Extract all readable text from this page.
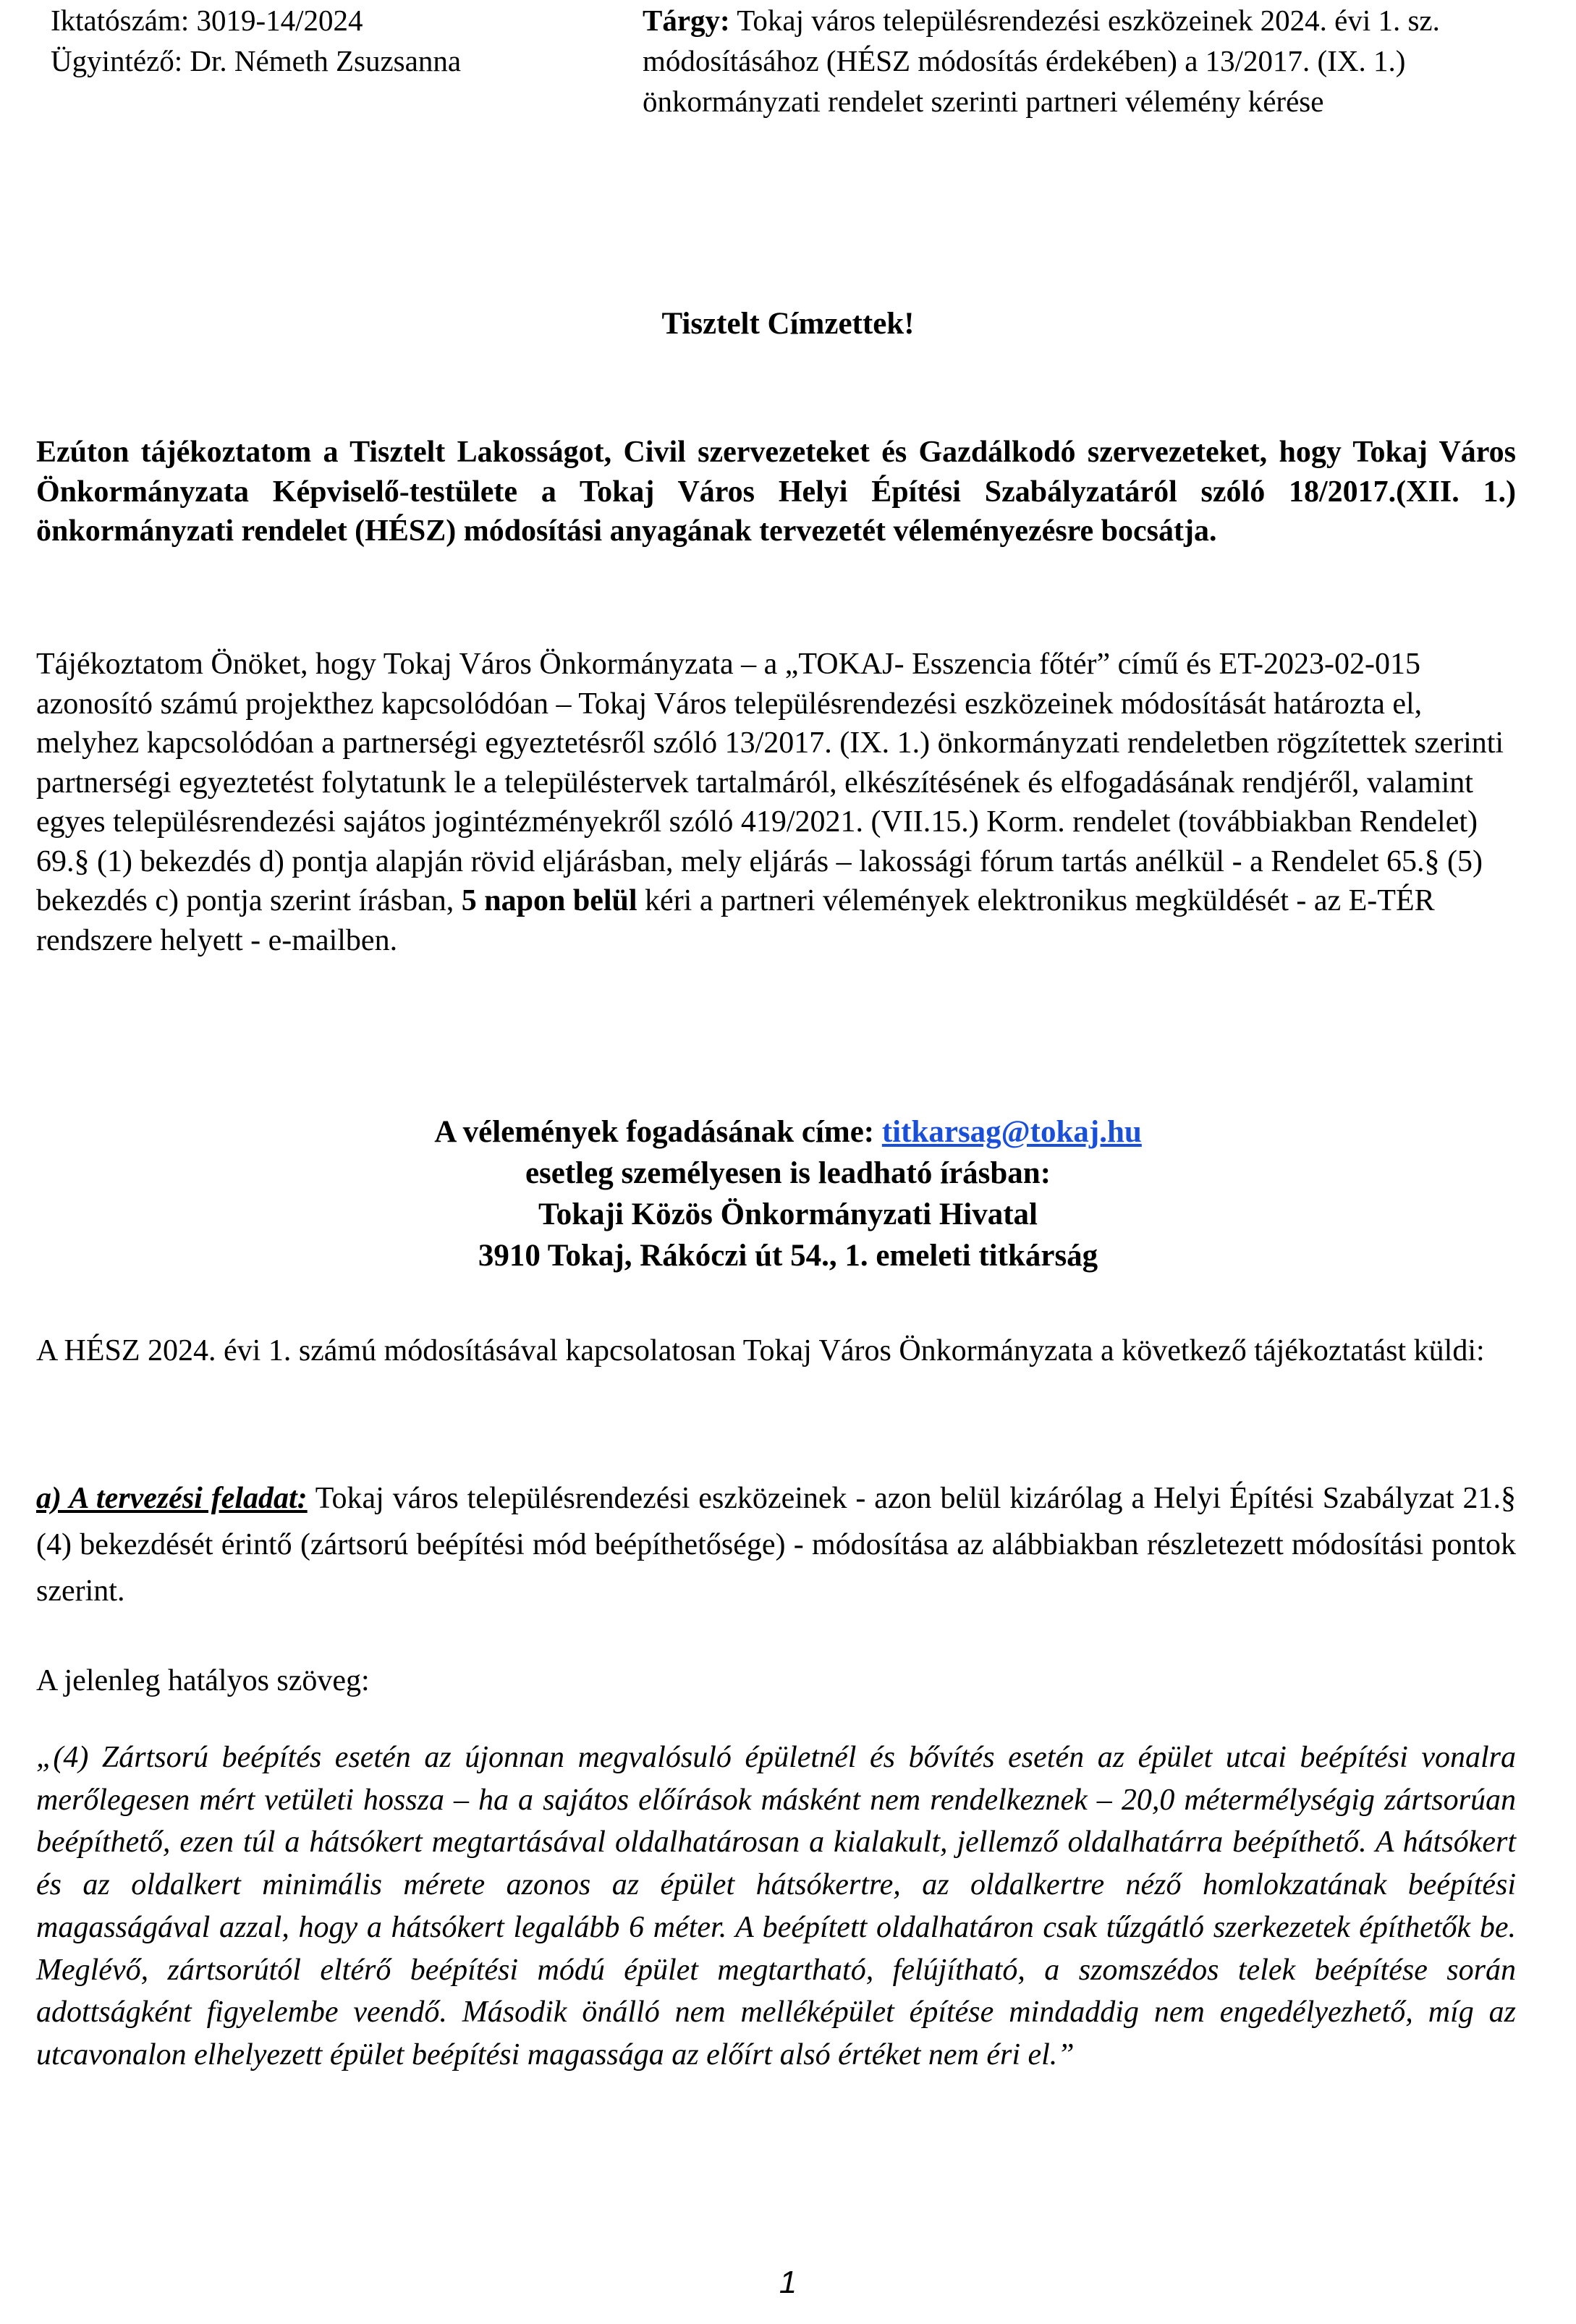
Iktatószám: 3019-14/2024
Ügyintéző: Dr. Németh Zsuzsanna
Tárgy: Tokaj város településrendezési eszközeinek 2024. évi 1. sz. módosításához (HÉSZ módosítás érdekében) a 13/2017. (IX. 1.) önkormányzati rendelet szerinti partneri vélemény kérése
Tisztelt Címzettek!
Ezúton tájékoztatom a Tisztelt Lakosságot, Civil szervezeteket és Gazdálkodó szervezeteket, hogy Tokaj Város Önkormányzata Képviselő-testülete a Tokaj Város Helyi Építési Szabályzatáról szóló 18/2017.(XII. 1.) önkormányzati rendelet (HÉSZ) módosítási anyagának tervezetét véleményezésre bocsátja.
Tájékoztatom Önöket, hogy Tokaj Város Önkormányzata – a „TOKAJ- Esszencia főtér” című és ET-2023-02-015 azonosító számú projekthez kapcsolódóan – Tokaj Város településrendezési eszközeinek módosítását határozta el, melyhez kapcsolódóan a partnerségi egyeztetésről szóló 13/2017. (IX. 1.) önkormányzati rendeletben rögzítettek szerinti partnerségi egyeztetést folytatunk le a településtervek tartalmáról, elkészítésének és elfogadásának rendjéről, valamint egyes településrendezési sajátos jogintézményekről szóló 419/2021. (VII.15.) Korm. rendelet (továbbiakban Rendelet) 69.§ (1) bekezdés d) pontja alapján rövid eljárásban, mely eljárás – lakossági fórum tartás anélkül - a Rendelet 65.§ (5) bekezdés c) pontja szerint írásban, 5 napon belül kéri a partneri vélemények elektronikus megküldését - az E-TÉR rendszere helyett - e-mailben.
A vélemények fogadásának címe: titkarsag@tokaj.hu
esetleg személyesen is leadható írásban:
Tokaji Közös Önkormányzati Hivatal
3910 Tokaj, Rákóczi út 54., 1. emeleti titkárság
A HÉSZ 2024. évi 1. számú módosításával kapcsolatosan Tokaj Város Önkormányzata a következő tájékoztatást küldi:
a) A tervezési feladat: Tokaj város településrendezési eszközeinek - azon belül kizárólag a Helyi Építési Szabályzat 21.§ (4) bekezdését érintő (zártsorú beépítési mód beépíthetősége) - módosítása az alábbiakban részletezett módosítási pontok szerint.
A jelenleg hatályos szöveg:
„(4) Zártsorú beépítés esetén az újonnan megvalósuló épületnél és bővítés esetén az épület utcai beépítési vonalra merőlegesen mért vetületi hossza – ha a sajátos előírások másként nem rendelkeznek – 20,0 métermélységig zártsorúan beépíthető, ezen túl a hátsókert megtartásával oldalhatárosan a kialakult, jellemző oldalhatárra beépíthető. A hátsókert és az oldalkert minimális mérete azonos az épület hátsókertre, az oldalkertre néző homlokzatának beépítési magasságával azzal, hogy a hátsókert legalább 6 méter. A beépített oldalhatáron csak tűzgátló szerkezetek építhetők be. Meglévő, zártsorútól eltérő beépítési módú épület megtartható, felújítható, a szomszédos telek beépítése során adottságként figyelembe veendő. Második önálló nem melléképület építése mindaddig nem engedélyezhető, míg az utcavonalon elhelyezett épület beépítési magassága az előírt alsó értéket nem éri el.”
1
